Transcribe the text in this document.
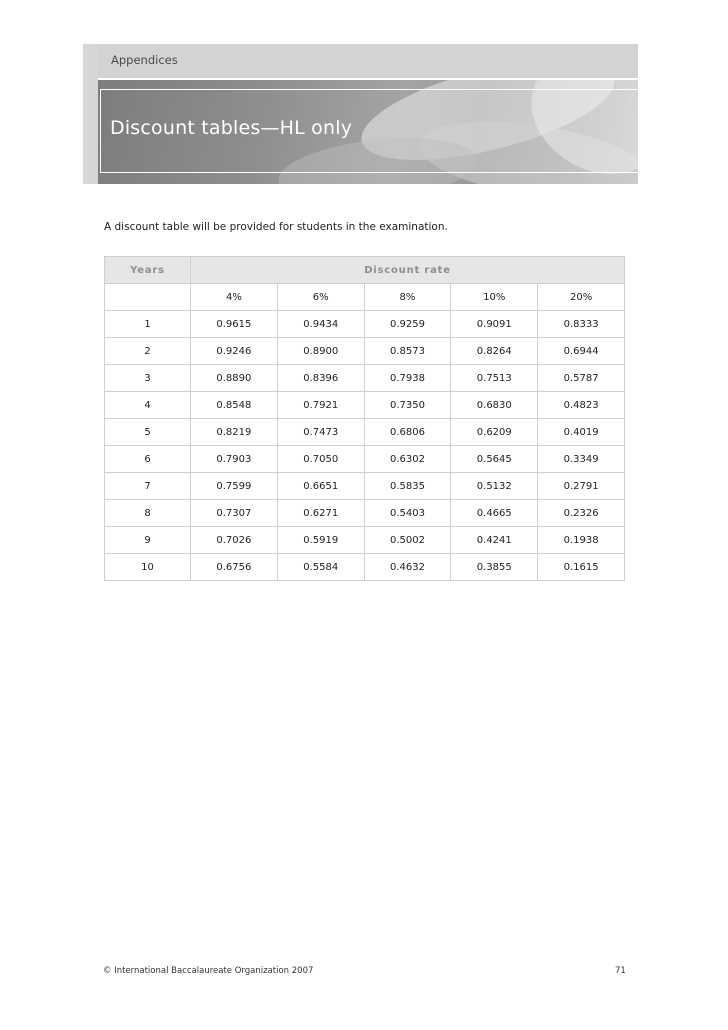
Appendices
Discount tables—HL only
A discount table will be provided for students in the examination.
Years	Discount rate				
	4%	6%	8%	10%	20%
1	0.9615	0.9434	0.9259	0.9091	0.8333
2	0.9246	0.8900	0.8573	0.8264	0.6944
3	0.8890	0.8396	0.7938	0.7513	0.5787
4	0.8548	0.7921	0.7350	0.6830	0.4823
5	0.8219	0.7473	0.6806	0.6209	0.4019
6	0.7903	0.7050	0.6302	0.5645	0.3349
7	0.7599	0.6651	0.5835	0.5132	0.2791
8	0.7307	0.6271	0.5403	0.4665	0.2326
9	0.7026	0.5919	0.5002	0.4241	0.1938
10	0.6756	0.5584	0.4632	0.3855	0.1615
© International Baccalaureate Organization 2007	71
